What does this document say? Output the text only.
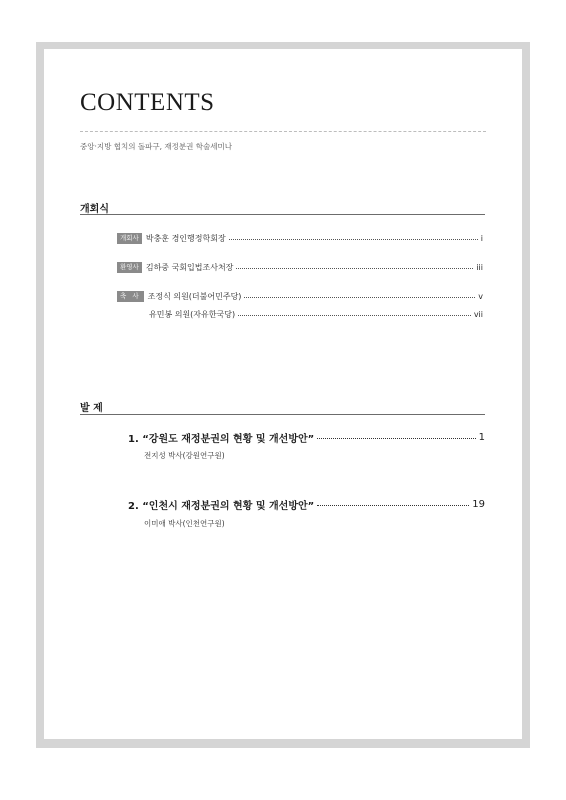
CONTENTS
중앙·지방 협치의 돌파구, 재정분권 학술세미나
개회식
개회사 박충훈 경인행정학회장	i
환영사 김하중 국회입법조사처장	iii
축 사 조정식 의원(더불어민주당)	v
유민봉 의원(자유한국당)	vii
발 제
1. “강원도 재정분권의 현황 및 개선방안”	1
전지성 박사(강원연구원)
2. “인천시 재정분권의 현황 및 개선방안”	19
이미애 박사(인천연구원)
